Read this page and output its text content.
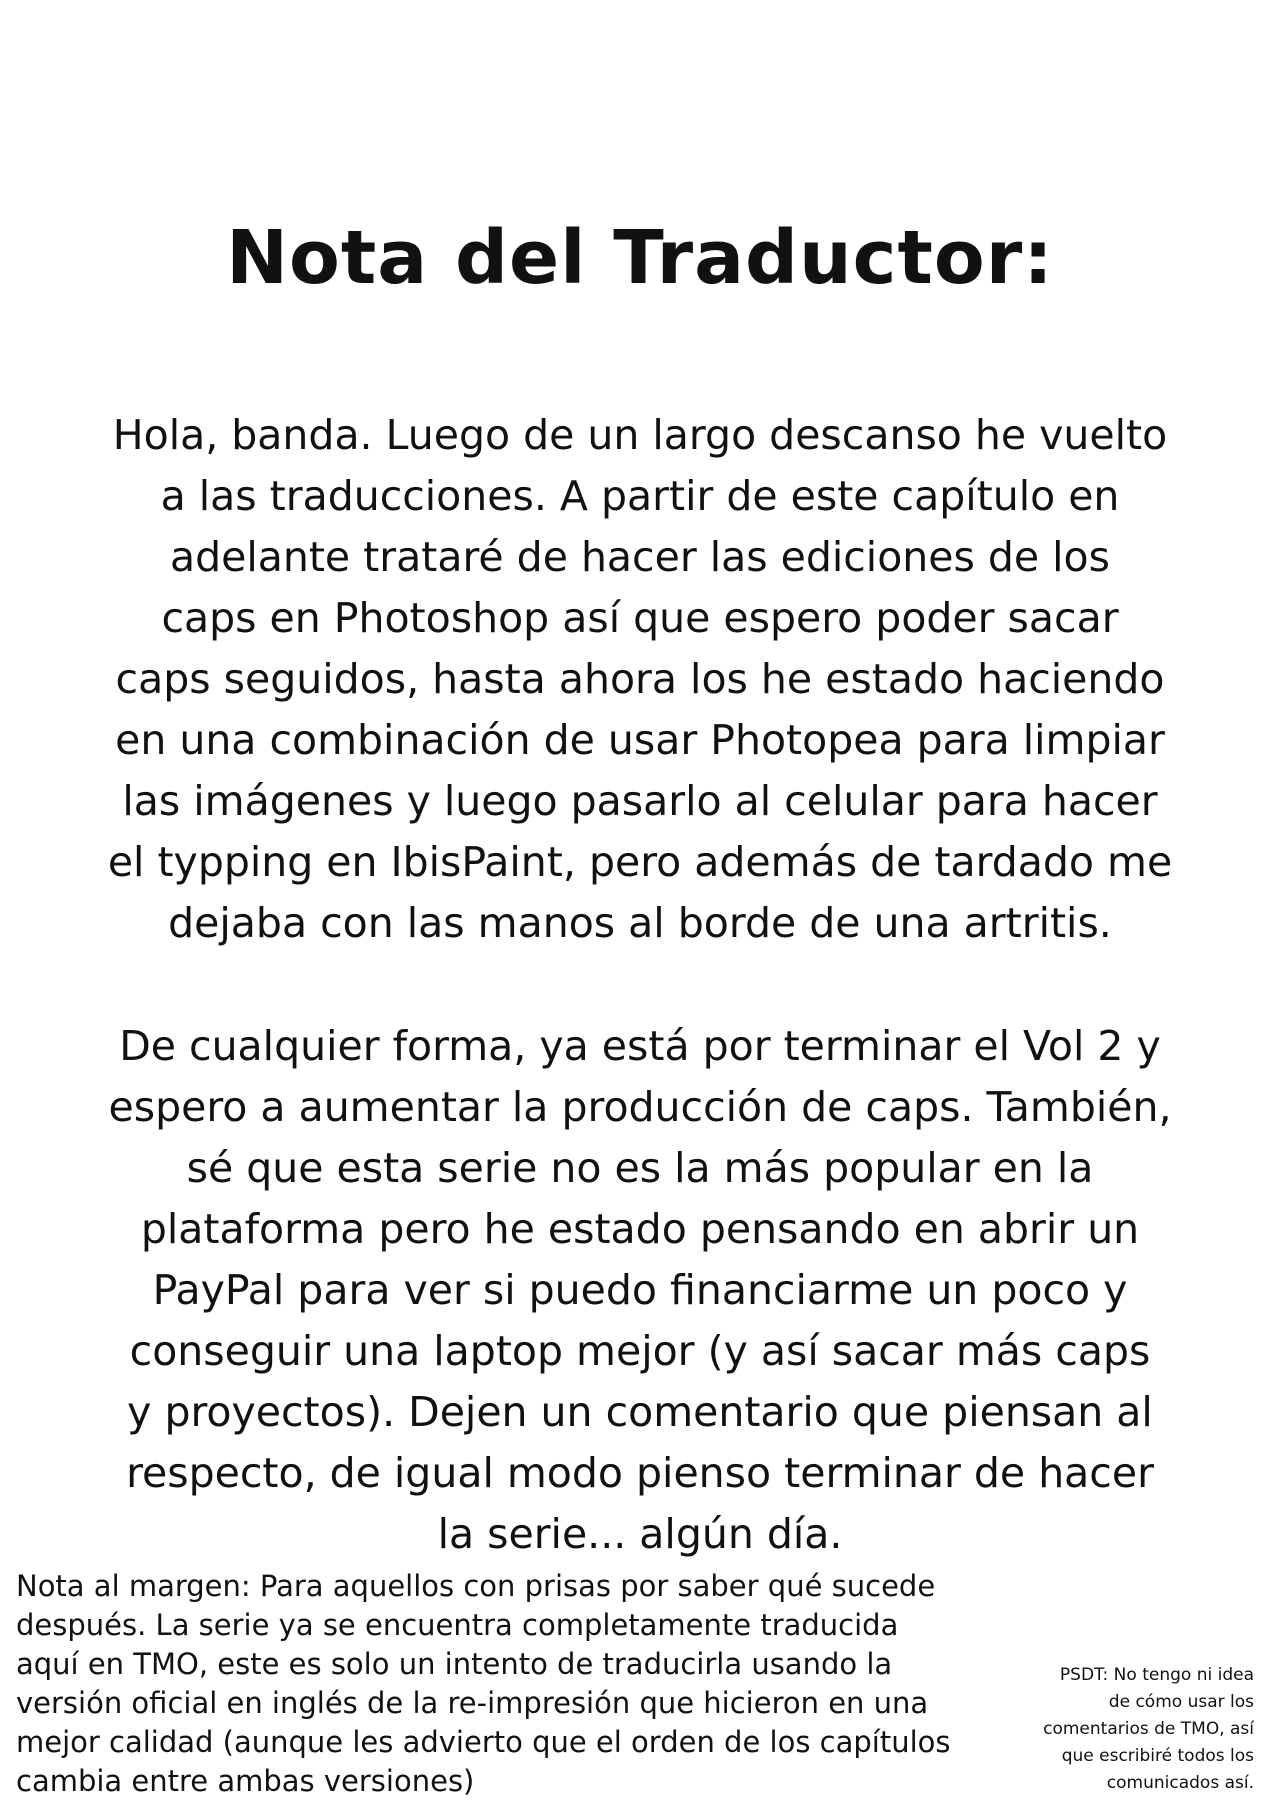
Nota del Traductor:

Hola, banda. Luego de un largo descanso he vuelto
a las traducciones. A partir de este capítulo en
adelante trataré de hacer las ediciones de los
caps en Photoshop así que espero poder sacar
caps seguidos, hasta ahora los he estado haciendo
en una combinación de usar Photopea para limpiar
las imágenes y luego pasarlo al celular para hacer
el typping en IbisPaint, pero además de tardado me
dejaba con las manos al borde de una artritis.

De cualquier forma, ya está por terminar el Vol 2 y
espero a aumentar la producción de caps. También,
sé que esta serie no es la más popular en la
plataforma pero he estado pensando en abrir un
PayPal para ver si puedo financiarme un poco y
conseguir una laptop mejor (y así sacar más caps
y proyectos). Dejen un comentario que piensan al
respecto, de igual modo pienso terminar de hacer
la serie... algún día.

Nota al margen: Para aquellos con prisas por saber qué sucede
después. La serie ya se encuentra completamente traducida
aquí en TMO, este es solo un intento de traducirla usando la
versión oficial en inglés de la re-impresión que hicieron en una
mejor calidad (aunque les advierto que el orden de los capítulos
cambia entre ambas versiones)

PSDT: No tengo ni idea
de cómo usar los
comentarios de TMO, así
que escribiré todos los
comunicados así.
